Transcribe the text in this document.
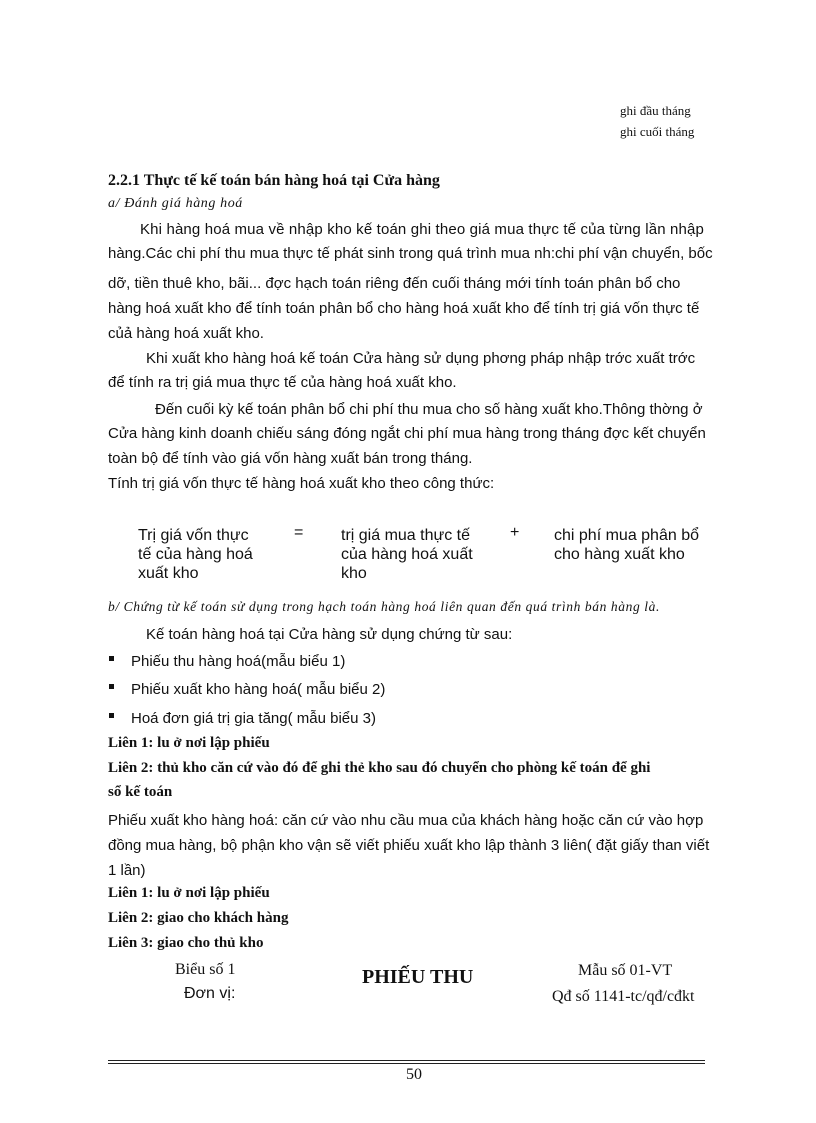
ghi đầu tháng
ghi cuối tháng
2.2.1 Thực tế kế toán bán hàng hoá tại Cửa hàng
a/ Đánh giá hàng hoá
Khi hàng hoá mua về nhập kho kế toán ghi theo giá mua thực tế của từng lần nhập
hàng.Các chi phí thu mua thực tế phát sinh trong quá trình mua nh:chi phí vận chuyển, bốc
dỡ, tiền thuê kho, bãi... đợc hạch toán riêng đến cuối tháng mới tính toán phân bổ cho
hàng hoá xuất kho để tính toán phân bổ cho hàng hoá xuất kho để tính trị giá vốn thực tế
củả hàng hoá xuất kho.
Khi xuất kho hàng hoá kế toán Cửa hàng sử dụng phơng pháp nhập trớc xuất trớc
để tính ra trị giá mua thực tế của hàng hoá xuất kho.
Đến cuối kỳ kế toán phân bổ chi phí thu mua cho số hàng xuất kho.Thông thờng ở
Cửa hàng kinh doanh chiếu sáng đóng ngắt chi phí mua hàng trong tháng đợc kết chuyển
toàn bộ để tính vào giá vốn hàng xuất bán trong tháng.
Tính trị giá vốn thực tế hàng hoá xuất kho theo công thức:
Trị giá vốn thực
tế của hàng hoá
xuất kho
= trị giá mua thực tế
của hàng hoá xuất
kho
+ chi phí mua phân bổ
cho hàng xuất kho
b/ Chứng từ kế toán sử dụng trong hạch toán hàng hoá liên quan đến quá trình bán hàng là.
Kế toán hàng hoá tại Cửa hàng sử dụng chứng từ sau:
Phiếu thu hàng hoá(mẫu biểu 1)
Phiếu xuất kho hàng hoá( mẫu biểu 2)
Hoá đơn giá trị gia tăng( mẫu biểu 3)
Liên 1: lu ở nơi lập phiếu
Liên 2: thủ kho căn cứ vào đó để ghi thẻ kho sau đó chuyển cho phòng kế toán để ghi
sổ kế toán
Phiếu xuất kho hàng hoá: căn cứ vào nhu cầu mua của khách hàng hoặc căn cứ vào hợp
đồng mua hàng, bộ phận kho vận sẽ viết phiếu xuất kho lập thành 3 liên( đặt giấy than viết
1 lần)
Liên 1: lu ở nơi lập phiếu
Liên 2: giao cho khách hàng
Liên 3: giao cho thủ kho
Biểu số 1
Đơn vị:
PHIẾU THU	Mẫu số 01-VT
Qđ số 1141-tc/qđ/cđkt
50
